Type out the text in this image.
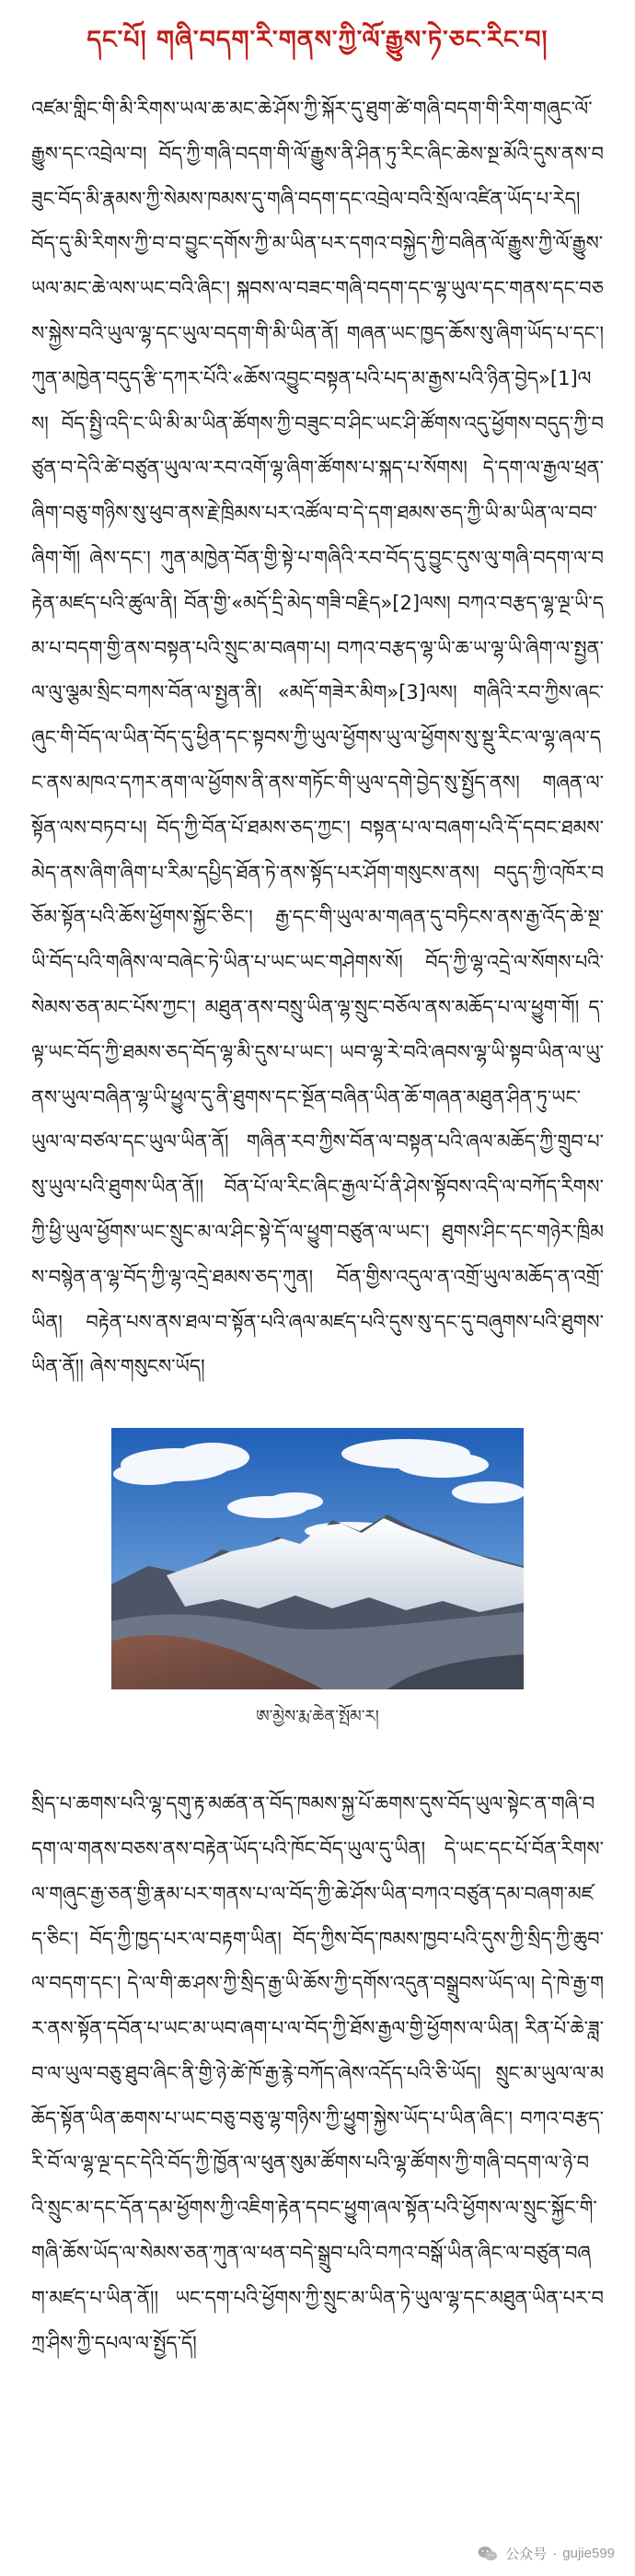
དང་པོ། གཞི་བདག་རི་གནས་ཀྱི་ལོ་རྒྱུས་ཏེ་ཅང་རིང་བ།

འཛམ་གླིང་གི་མི་རིགས་ཡལ་ཆ་མང་ཆེ་ཤོས་ཀྱི་སྐོར་དུ་ཐུག་ཚེ་གཞི་བདག་གི་རིག་གཞུང་ལོ་རྒྱུས་དང་འབྲེལ་བ། བོད་ཀྱི་གཞི་བདག་གི་ལོ་རྒྱུས་ནི་ཤིན་ཏུ་རིང་ཞིང་ཆེས་སྔ་མོའི་དུས་ནས་བཟུང་བོད་མི་རྣམས་ཀྱི་སེམས་ཁམས་དུ་གཞི་བདག་དང་འབྲེལ་བའི་སྲོལ་འཛིན་ཡོད་པ་རེད། བོད་དུ་མི་རིགས་ཀྱི་བ་བ་བྱུང་དགོས་ཀྱི་མ་ཡིན་པར་དགའ་བསྐྱེད་ཀྱི་བཞིན་ལོ་རྒྱུས་ཀྱི་ལོ་རྒྱུས་ཡལ་མང་ཆེ་ལས་ཡང་བའི་ཞིང་། སྐབས་ལ་བཟང་གཞི་བདག་དང་ལྷ་ཡུལ་དང་གནས་དང་བཅས་སྐྱེས་བའི་ཡུལ་ལྷ་དང་ཡུལ་བདག་གི་མི་ཡིན་ནོ། གཞན་ཡང་ཁྱད་ཆོས་སུ་ཞིག་ཡོད་པ་དང་། ཀུན་མཁྱེན་བདུད་རྩི་དཀར་པོའི་«ཆོས་འབྱུང་བསྟན་པའི་པད་མ་རྒྱས་པའི་ཉིན་བྱེད»[1]ལས། བོད་སྤྱི་འདི་ང་ཡི་མི་མ་ཡིན་ཚོགས་ཀྱི་བཟུང་བ་ཤིང་ཡང་ཤི་ཚོགས་འདུ་ཕྱོགས་བདུད་ཀྱི་བཙུན་བ་དེའི་ཚེ་བཙུན་ཡུལ་ལ་རབ་འགོ་ལྷ་ཞིག་ཚོགས་པ་སྐད་པ་སོགས། དེ་དག་ལ་རྒྱལ་ཕྲན་ཞིག་བཅུ་གཉིས་སུ་ཕུབ་ནས་རྗེ་ཁྲིམས་པར་འཚོལ་བ་དེ་དག་ཐམས་ཅད་ཀྱི་ཡི་མ་ཡིན་ལ་བབ་ཞིག་གོ། ཞེས་དང་། ཀུན་མཁྱེན་བོན་གྱི་སྟེ་པ་གཞིའི་རབ་བོད་དུ་བྱུང་དུས་ལུ་གཞི་བདག་ལ་བརྟེན་མཛད་པའི་ཚུལ་ནི། བོན་གྱི་«མདོ་དྲི་མེད་གཟི་བརྗིད»[2]ལས། བཀའ་བརྩད་ལྷ་ལྔ་ཡི་དམ་པ་བདག་གྱི་ནས་བསྟན་པའི་སྲུང་མ་བཞག་པ། བཀའ་བརྩད་ལྷ་ཡི་ཆ་ཡ་ལྷ་ཡི་ཞིག་ལ་སྤྱན་ལ་ལུ་ལྕམ་སྲིང་བཀས་བོན་ལ་སྤྱན་ནི། «མདོ་གཟེར་མིག»[3]ལས། གཞིའི་རབ་ཀྱིས་ཞང་ཞུང་གི་བོད་ལ་ཡིན་བོད་དུ་ཕྱིན་དང་སྟབས་ཀྱི་ཡུལ་ཕྱོགས་ཡུ་ལ་ཕྱོགས་སུ་སྡུ་རིང་ལ་ལྷ་ཞལ་དང་ནས་མཁའ་དཀར་ནག་ལ་ཕྱོགས་ནི་ནས་གཏོང་གི་ཡུལ་དགེ་བྱེད་སུ་སྤྱོད་ནས། གཞན་ལ་སྟོན་ལས་བཏབ་པ། བོད་ཀྱི་བོན་པོ་ཐམས་ཅད་ཀྱང་། བསྟན་པ་ལ་བཞག་པའི་དོ་དབང་ཐམས་མེད་ནས་ཞིག་ཞིག་པ་རིམ་དཔྱིད་ཐོན་ཏེ་ནས་སྟོད་པར་ཤོག་གསུངས་ནས། བདུད་ཀྱི་འཁོར་བཅོམ་སྟོན་པའི་ཆོས་ཕྱོགས་སྐྱོང་ཅིང་། རྒྱ་དང་གི་ཡུལ་མ་གཞན་དུ་བཏིངས་ནས་རྒྱ་འོད་ཆེ་སྔ་ཡི་བོད་པའི་གཞིས་ལ་བཞེང་ཏེ་ཡིན་པ་ཡང་ཡང་གཤེགས་སོ། བོད་ཀྱི་ལྷ་འདྲེ་ལ་སོགས་པའི་སེམས་ཅན་མང་པོས་ཀྱང་། མཐུན་ནས་བསྲུ་ཡིན་ལྷ་སྲུང་བཅོལ་ནས་མཆོད་པ་ལ་ཕྱུག་གོ། ད་ལྟ་ཡང་བོད་ཀྱི་ཐམས་ཅད་བོད་ལྷ་མི་དུས་པ་ཡང་། ཡབ་ལྷ་རེ་བའི་ཞབས་ལྷ་ཡི་སྟབ་ཡིན་ལ་ཡུ་ནས་ཡུལ་བཞིན་ལྷ་ཡི་ཕྱུལ་དུ་ནི་ཐུགས་དང་སྔོན་བཞིན་ཡིན་ཆོ་གཞན་མཐུན་ཤིན་ཏུ་ཡང་ཡུལ་ལ་བཙལ་དང་ཡུལ་ཡིན་ནོ། གཞིན་རབ་ཀྱིས་བོན་ལ་བསྟན་པའི་ཞལ་མཆོད་ཀྱི་གྲུབ་པ་སུ་ཡུལ་པའི་ཐུགས་ཡིན་ནོ།། བོན་པོ་ལ་རིང་ཞིང་རྒྱལ་པོ་ནི་ཤེས་སྟོབས་འདི་ལ་བཀོད་རིགས་ཀྱི་ཕྱི་ཡུལ་ཕྱོགས་ཡང་སྲུང་མ་ལ་ཤིང་སྟེ་དོ་ལ་ཕྱུག་བཙུན་ལ་ཡང་། ཐུགས་ཤིང་དང་གཉེར་ཁྲིམས་བསྙེན་ན་ལྷ་བོད་ཀྱི་ལྷ་འདྲེ་ཐམས་ཅད་ཀུན། བོན་གྱིས་འདུལ་ན་འགྲོ་ཡུལ་མཆོད་ན་འགྲོ་ཡིན། བརྟེན་པས་ནས་ཐལ་བ་སྟོན་པའི་ཞལ་མཛད་པའི་དུས་སུ་དང་དུ་བཞུགས་པའི་ཐུགས་ཡིན་ནོ།། ཞེས་གསུངས་ཡོད།

ཨ་མྱེས་རྨ་ཆེན་སྤོམ་ར།

སྲིད་པ་ཆགས་པའི་ལྷ་དགུ་རྟ་མཚན་ན་བོད་ཁམས་སྐྱ་པོ་ཆགས་དུས་བོད་ཡུལ་སྟེང་ན་གཞི་བདག་ལ་གནས་བཅས་ནས་བརྟེན་ཡོད་པའི་ཁོང་བོད་ཡུལ་དུ་ཡིན། དེ་ཡང་དང་པོ་བོན་རིགས་ལ་གཞུང་རྒྱ་ཅན་གྱི་རྣམ་པར་གནས་པ་ལ་བོད་ཀྱི་ཆེ་ཤོས་ཡིན་བཀའ་བཙུན་དམ་བཞག་མཛད་ཅིང་། བོད་ཀྱི་ཁྱད་པར་ལ་བརྟག་ཡིན། བོད་ཀྱིས་བོད་ཁམས་ཁྱབ་པའི་དུས་ཀྱི་སྲིད་ཀྱི་ཆུབ་ལ་བདག་དང་། དེ་ལ་གི་ཆ་ཤས་ཀྱི་སྲིད་རྒྱ་ཡི་ཆོས་ཀྱི་དགོས་འདུན་བསྒྲུབས་ཡོད་ལ། དེ་ཁེ་རྒྱ་གར་ནས་སྟོན་དབོན་པ་ཡང་མ་ཡབ་ཞག་པ་ལ་བོད་ཀྱི་ཐོས་རྒྱལ་གྱི་ཕྱོགས་ལ་ཡིན། རིན་པོ་ཆེ་ཟླ་བ་ལ་ཡུལ་བཅུ་ཐུབ་ཞིང་ནི་གྱི་ཉེ་ཚེ་ཁོ་རྒྱ་རྙེ་བཀོད་ཞེས་འདོད་པའི་ཅི་ཡོད། སྲུང་མ་ཡུལ་ལ་མཆོད་སྟོན་ཡིན་ཆགས་པ་ཡང་བཅུ་བཅུ་ལྷ་གཉིས་ཀྱི་ཕྱུག་སྐྱེས་ཡོད་པ་ཡིན་ཞིང་། བཀའ་བརྩད་རི་བོ་ལ་ལྷ་ལྔ་དང་དེའི་བོད་ཀྱི་ཁྱོན་ལ་ཕུན་སུམ་ཚོགས་པའི་ལྷ་ཚོགས་ཀྱི་གཞི་བདག་ལ་ཉེ་བའི་སྲུང་མ་དང་དོན་དམ་ཕྱོགས་ཀྱི་འཇིག་རྟེན་དབང་ཕྱུག་ཞལ་སྟོན་པའི་ཕྱོགས་ལ་སྲུང་སྐྱོང་གི་གཞི་ཆོས་ཡོད་ལ་སེམས་ཅན་ཀུན་ལ་ཕན་བདེ་སྒྲུབ་པའི་བཀའ་བསྒོ་ཡིན་ཞིང་ལ་བཙུན་བཞག་མཛད་པ་ཡིན་ནོ།། ཡང་དག་པའི་ཕྱོགས་ཀྱི་སྲུང་མ་ཡིན་ཏེ་ཡུལ་ལྷ་དང་མཐུན་ཡིན་པར་བཀྲ་ཤིས་ཀྱི་དཔལ་ལ་སྤྱོད་དོ།

公众号 · gujie599
